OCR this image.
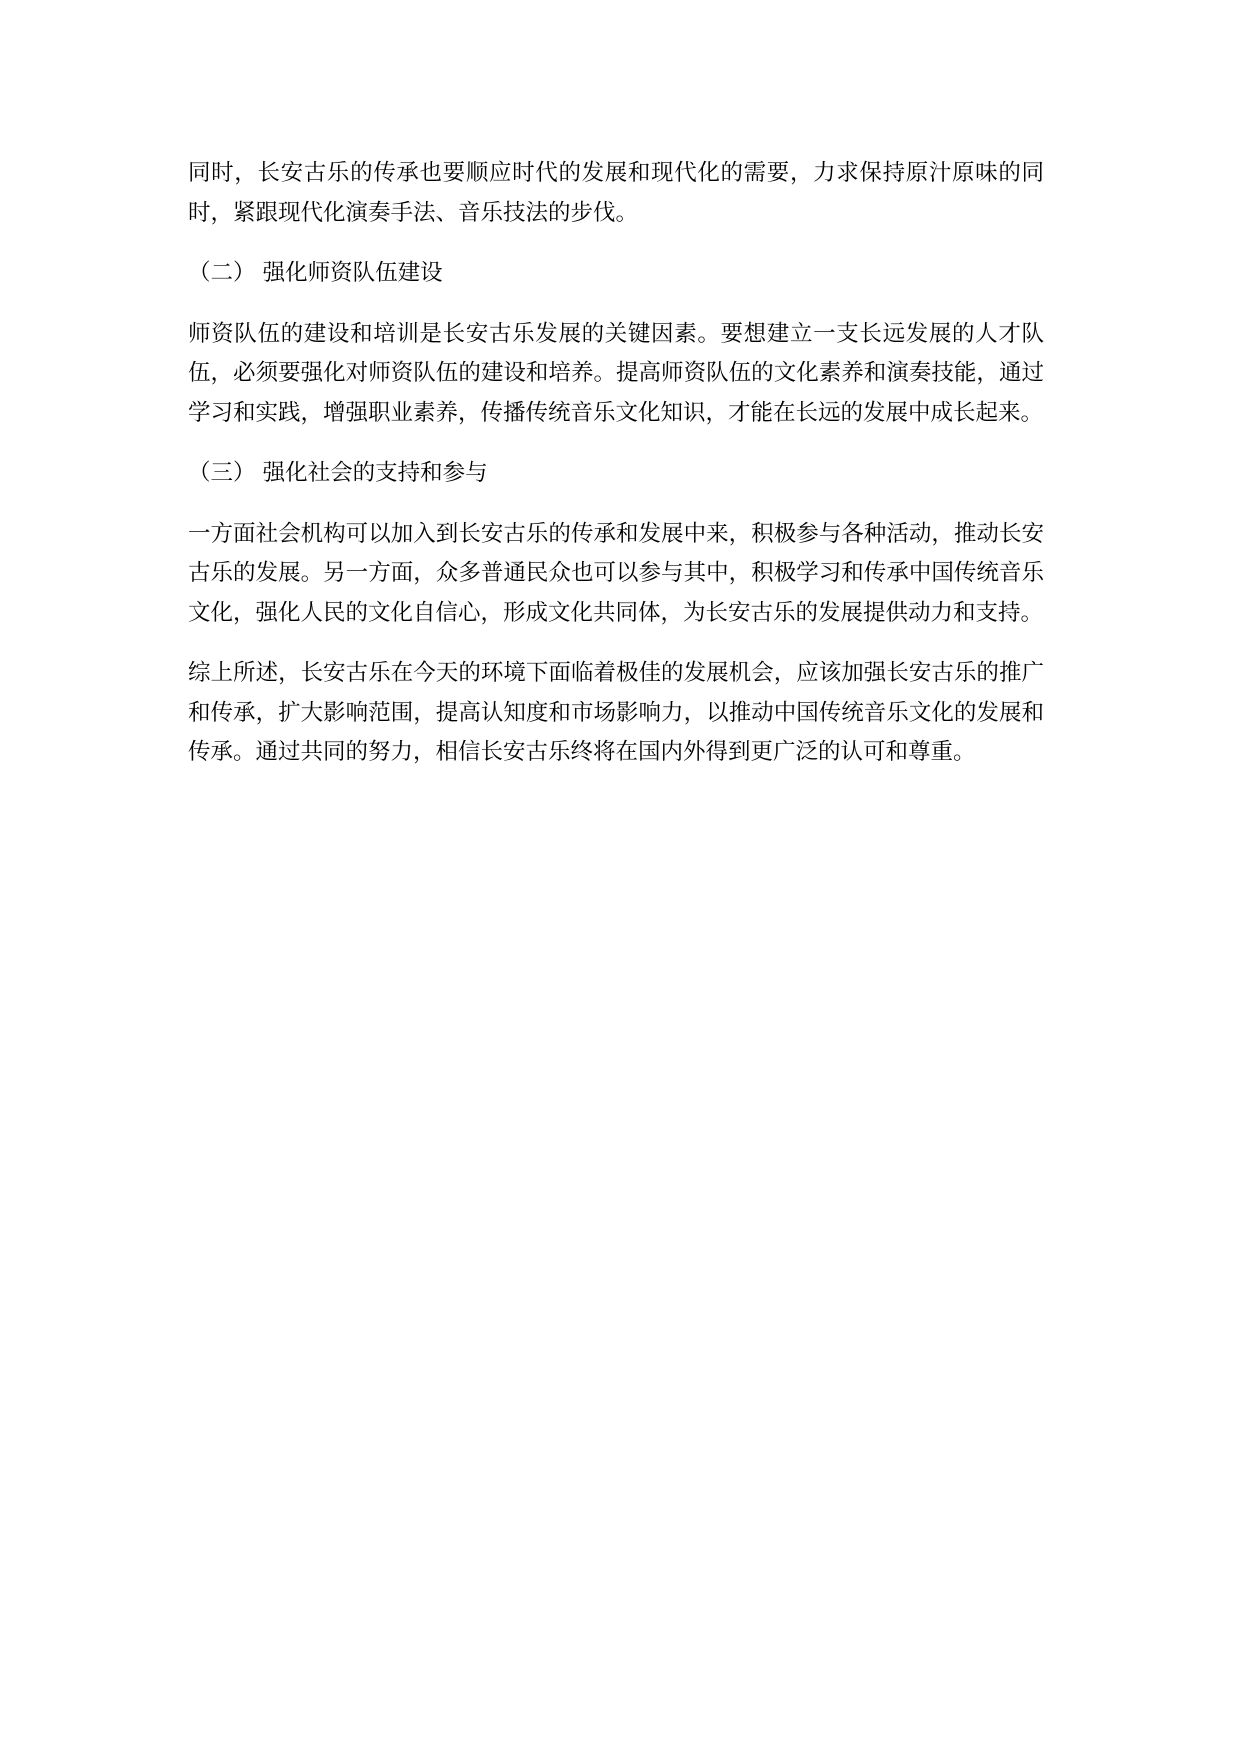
同时，长安古乐的传承也要顺应时代的发展和现代化的需要，力求保持原汁原味的同时，紧跟现代化演奏手法、音乐技法的步伐。

（二） 强化师资队伍建设

师资队伍的建设和培训是长安古乐发展的关键因素。要想建立一支长远发展的人才队伍，必须要强化对师资队伍的建设和培养。提高师资队伍的文化素养和演奏技能，通过学习和实践，增强职业素养，传播传统音乐文化知识，才能在长远的发展中成长起来。

（三） 强化社会的支持和参与

一方面社会机构可以加入到长安古乐的传承和发展中来，积极参与各种活动，推动长安古乐的发展。另一方面，众多普通民众也可以参与其中，积极学习和传承中国传统音乐文化，强化人民的文化自信心，形成文化共同体，为长安古乐的发展提供动力和支持。

综上所述，长安古乐在今天的环境下面临着极佳的发展机会，应该加强长安古乐的推广和传承，扩大影响范围，提高认知度和市场影响力，以推动中国传统音乐文化的发展和传承。通过共同的努力，相信长安古乐终将在国内外得到更广泛的认可和尊重。
